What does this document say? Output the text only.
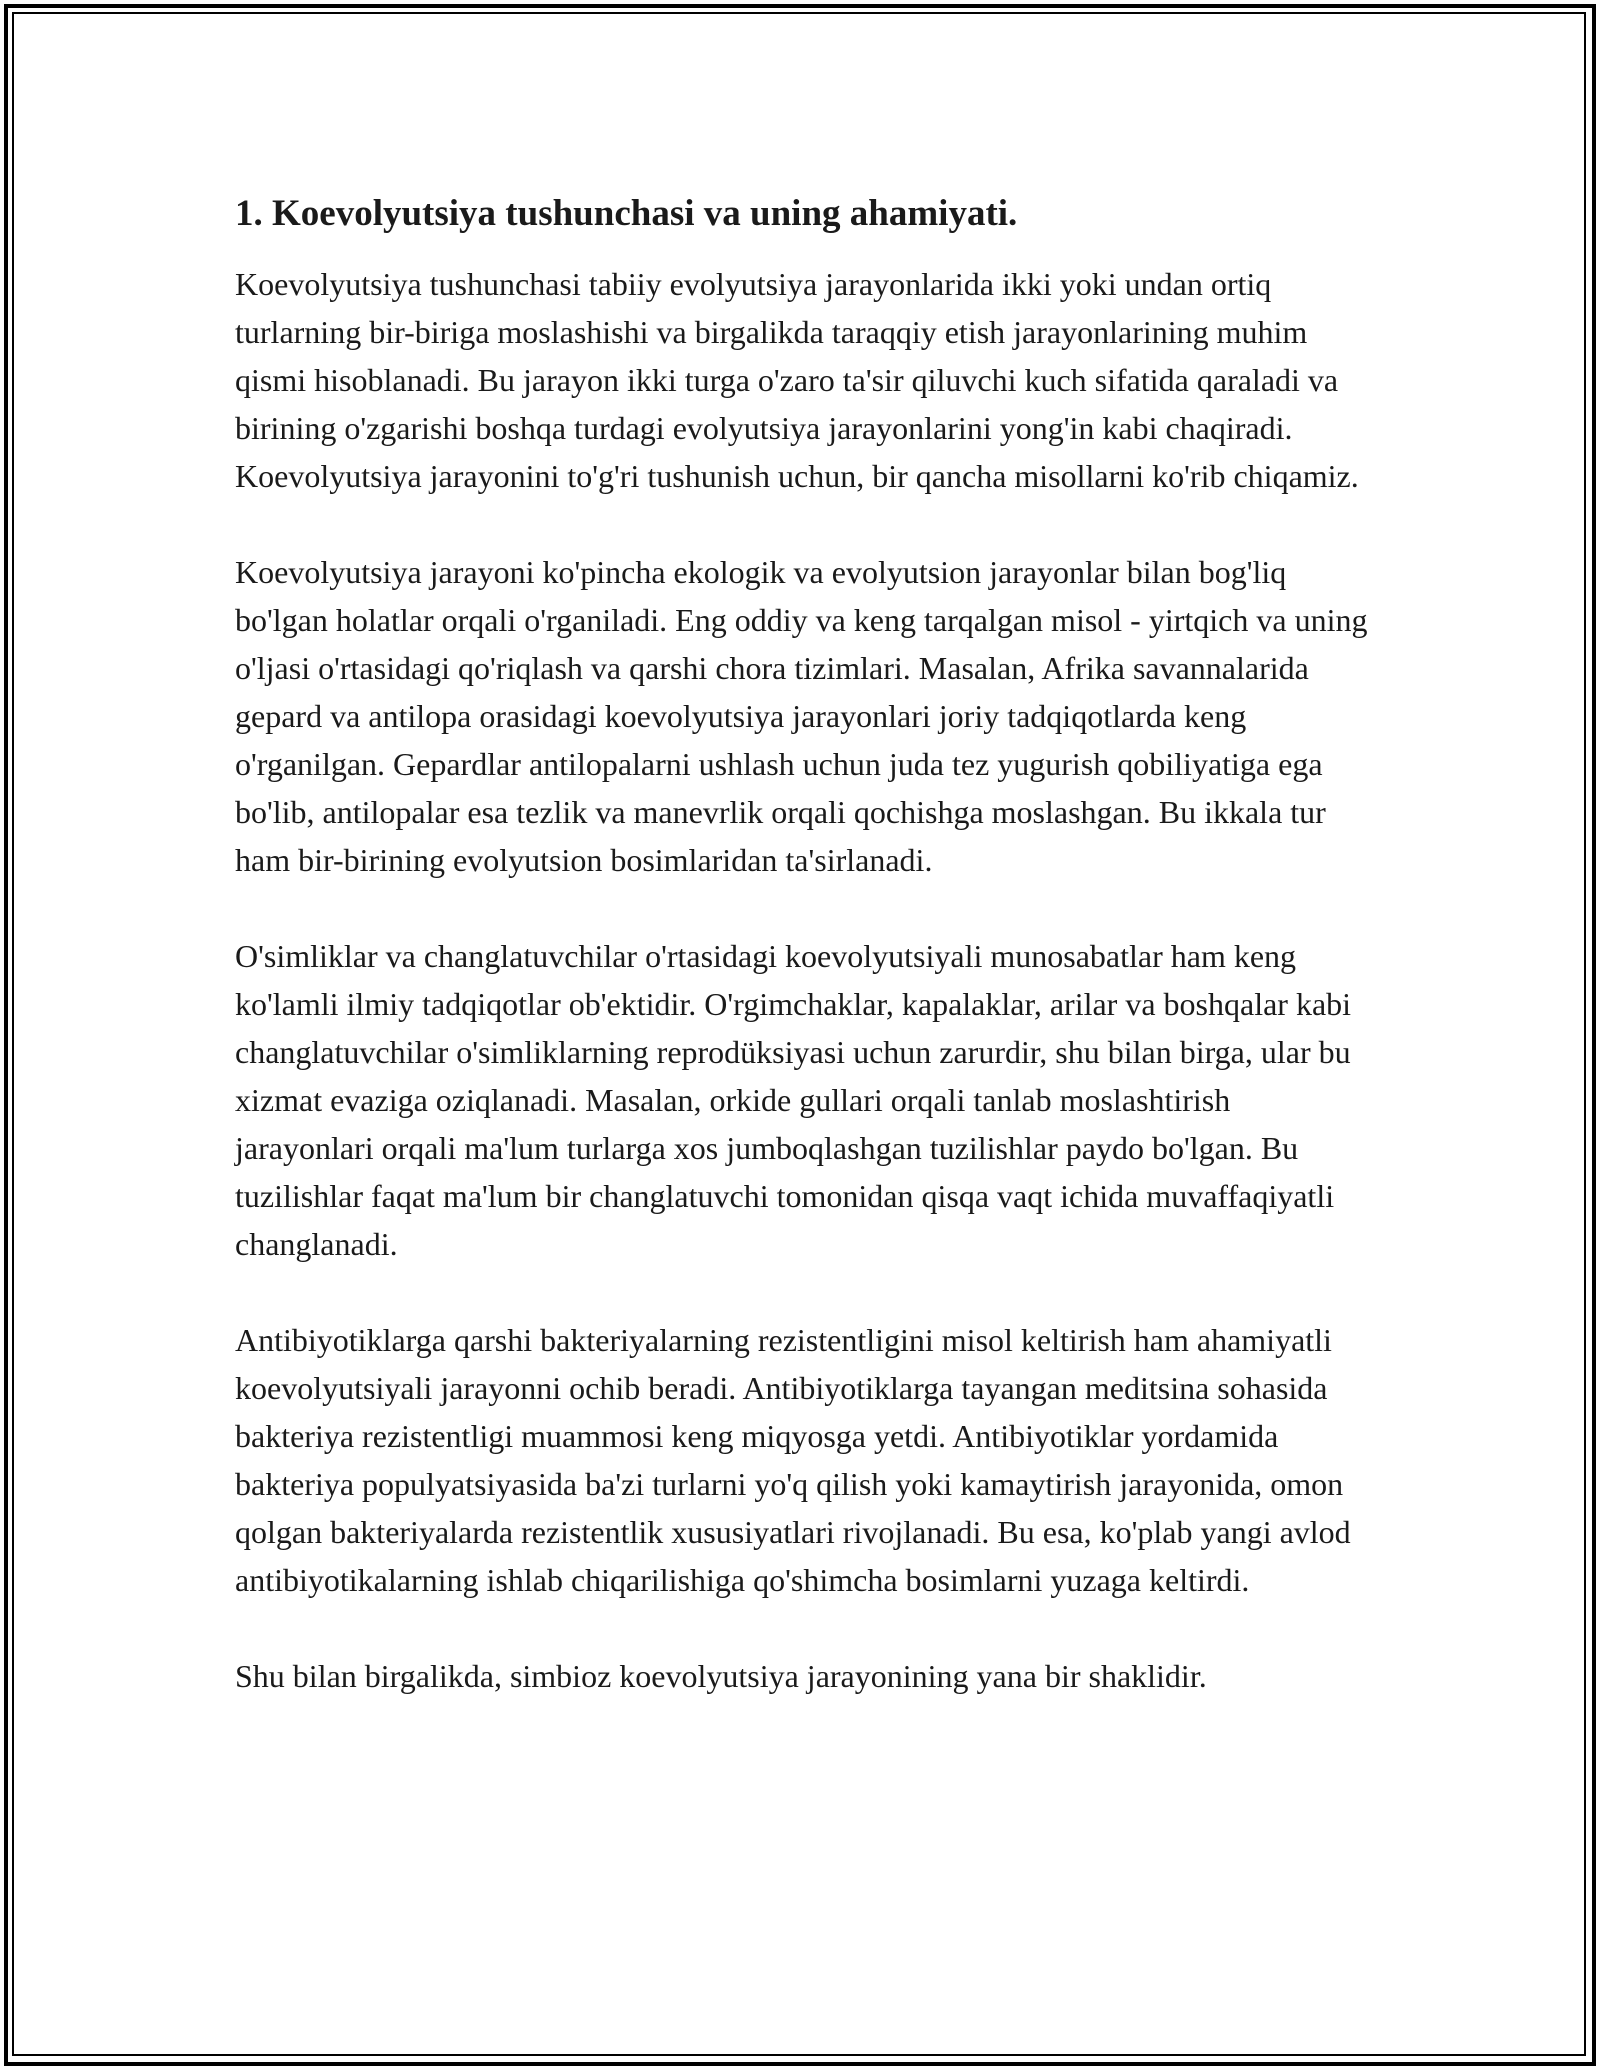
1. Koevolyutsiya tushunchasi va uning ahamiyati.

Koevolyutsiya tushunchasi tabiiy evolyutsiya jarayonlarida ikki yoki undan ortiq turlarning bir-biriga moslashishi va birgalikda taraqqiy etish jarayonlarining muhim qismi hisoblanadi. Bu jarayon ikki turga o'zaro ta'sir qiluvchi kuch sifatida qaraladi va birining o'zgarishi boshqa turdagi evolyutsiya jarayonlarini yong'in kabi chaqiradi. Koevolyutsiya jarayonini to'g'ri tushunish uchun, bir qancha misollarni ko'rib chiqamiz.

Koevolyutsiya jarayoni ko'pincha ekologik va evolyutsion jarayonlar bilan bog'liq bo'lgan holatlar orqali o'rganiladi. Eng oddiy va keng tarqalgan misol - yirtqich va uning o'ljasi o'rtasidagi qo'riqlash va qarshi chora tizimlari. Masalan, Afrika savannalarida gepard va antilopa orasidagi koevolyutsiya jarayonlari joriy tadqiqotlarda keng o'rganilgan. Gepardlar antilopalarni ushlash uchun juda tez yugurish qobiliyatiga ega bo'lib, antilopalar esa tezlik va manevrlik orqali qochishga moslashgan. Bu ikkala tur ham bir-birining evolyutsion bosimlaridan ta'sirlanadi.

O'simliklar va changlatuvchilar o'rtasidagi koevolyutsiyali munosabatlar ham keng ko'lamli ilmiy tadqiqotlar ob'ektidir. O'rgimchaklar, kapalaklar, arilar va boshqalar kabi changlatuvchilar o'simliklarning reprodüksiyasi uchun zarurdir, shu bilan birga, ular bu xizmat evaziga oziqlanadi. Masalan, orkide gullari orqali tanlab moslashtirish jarayonlari orqali ma'lum turlarga xos jumboqlashgan tuzilishlar paydo bo'lgan. Bu tuzilishlar faqat ma'lum bir changlatuvchi tomonidan qisqa vaqt ichida muvaffaqiyatli changlanadi.

Antibiyotiklarga qarshi bakteriyalarning rezistentligini misol keltirish ham ahamiyatli koevolyutsiyali jarayonni ochib beradi. Antibiyotiklarga tayangan meditsina sohasida bakteriya rezistentligi muammosi keng miqyosga yetdi. Antibiyotiklar yordamida bakteriya populyatsiyasida ba'zi turlarni yo'q qilish yoki kamaytirish jarayonida, omon qolgan bakteriyalarda rezistentlik xususiyatlari rivojlanadi. Bu esa, ko'plab yangi avlod antibiyotikalarning ishlab chiqarilishiga qo'shimcha bosimlarni yuzaga keltirdi.

Shu bilan birgalikda, simbioz koevolyutsiya jarayonining yana bir shaklidir.
